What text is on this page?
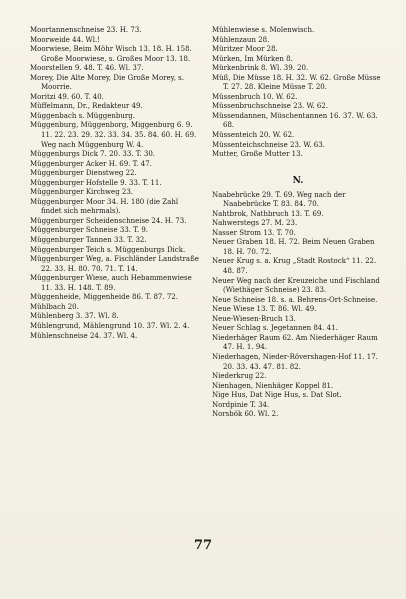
Moortannenschneise 23. H. 73.

Moorweide 44. Wl.!

Moorwiese, Beim Möhr Wisch 13. 18. H. 158. Große Moorwiese, s. Großes Moor 13. 18.

Moorstellen 9. 48. T. 46. Wl. 37.

Morey, Die Alte Morey, Die Große Morey, s. Moorrie.

Moritzi 49. 60. T. 40.

Müffelmann, Dr., Redakteur 49.

Müggenbach s. Müggenburg.

Müggenburg, Müggenborg, Miggenburg 6. 9. 11. 22. 23. 29. 32. 33. 34. 35. 84. 60. H. 69. Weg nach Müggenburg W. 4.

Müggenburgs Dick 7. 20. 33. T. 30.

Müggenburger Acker H. 69. T. 47.

Müggenburger Dienstweg 22.

Müggenburger Hofstelle 9. 33. T. 11.

Müggenburger Kirchweg 23.

Müggenburger Moor 34. H. 180 (die Zahl findet sich mehrmals).

Müggenburger Scheidenschneise 24. H. 73.

Müggenburger Schneise 33. T. 9.

Müggenburger Tannen 33. T. 32.

Müggenburger Teich s. Müggenburgs Dick.

Müggenburger Weg, a. Fischländer Landstraße 22. 33. H. 80. 70. 71. T. 14.

Müggenburger Wiese, auch Hebammenwiese 11. 33. H. 148. T. 89.

Müggenheide, Miggenheide 86. T. 87. 72.

Mühlbach 20.

Mühlenberg 3. 37. Wl. 8.

Mühlengrund, Mählengrund 10. 37. Wl. 2. 4.

Mühlenschneise 24. 37. Wl. 4.

Mühlenwiese s. Molenwisch.

Mühlenzaun 28.

Müritzer Moor 28.

Mürken, Im Mürken 8.

Mürkenbrink 8. Wl. 39. 20.

Müß, Die Müsse 18. H. 32. W. 62. Große Müsse T. 27. 28. Kleine Müsse T. 20.

Müssenbruch 10. W. 62.

Müssenbruchschneise 23. W. 62.

Müssendannen, Müschentannen 16. 37. W. 63. 68.

Müssenteich 20. W. 62.

Müssenteichschneise 23. W. 63.

Mutter, Große Mutter 13.

N.

Naabebrücke 29. T. 69. Weg nach der Naabebrücke T. 83. 84. 70.

Nahtbrok, Nathbruch 13. T. 69.

Nahwerstegs 27. M. 23.

Nasser Strom 13. T. 70.

Neuer Graben 18. H. 72. Beim Neuen Graben 18. H. 70. 72.

Neuer Krug s. a. Krug „Stadt Rostock“ 11. 22. 48. 87.

Neuer Weg nach der Kreuzeiche und Fischland (Wiethäger Schneise) 23. 83.

Neue Schneise 18. s. a. Behrens-Ort-Schneise.

Neue Wiese 13. T. 86. Wl. 49.

Neue-Wiesen-Bruch 13.

Neuer Schlag s. Jegetannen 84. 41.

Niederhäger Raum 62. Am Niederhäger Raum 47. H. 1. 94.

Niederhagen, Nieder-Rövershagen-Hof 11. 17. 20. 33. 43. 47. 81. 82.

Niederkrug 22.

Nienhagen, Nienhäger Koppel 81.

Nige Hus, Dat Nige Hus, s. Dat Slot.

Nordpinie T. 34.

Norsbök 60. Wl. 2.

77
